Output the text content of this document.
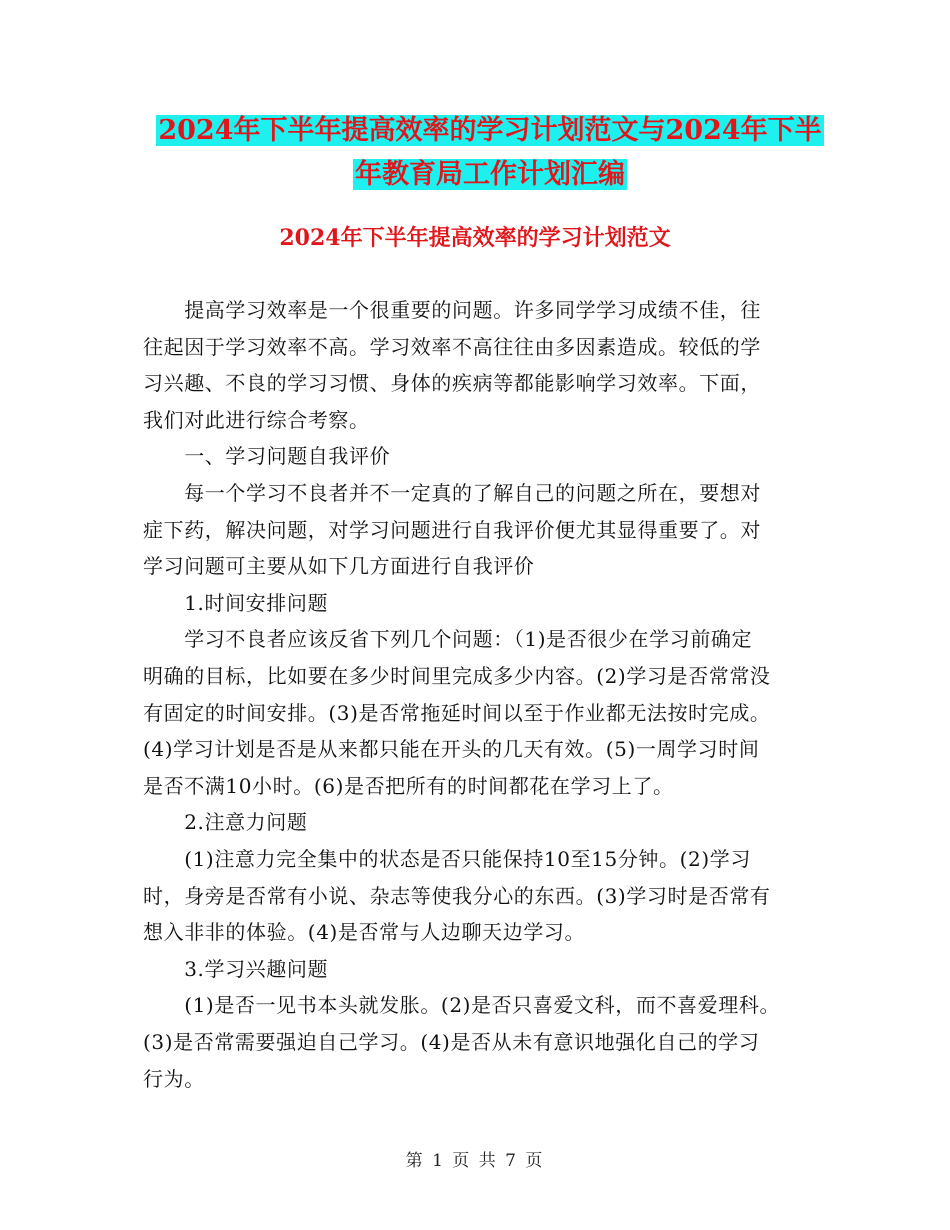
2024年下半年提高效率的学习计划范文与2024年下半
年教育局工作计划汇编
2024年下半年提高效率的学习计划范文
　　提高学习效率是一个很重要的问题。许多同学学习成绩不佳，往
往起因于学习效率不高。学习效率不高往往由多因素造成。较低的学
习兴趣、不良的学习习惯、身体的疾病等都能影响学习效率。下面，
我们对此进行综合考察。
　　一、学习问题自我评价
　　每一个学习不良者并不一定真的了解自己的问题之所在，要想对
症下药，解决问题，对学习问题进行自我评价便尤其显得重要了。对
学习问题可主要从如下几方面进行自我评价
　　1.时间安排问题
　　学习不良者应该反省下列几个问题：（1)是否很少在学习前确定
明确的目标，比如要在多少时间里完成多少内容。(2)学习是否常常没
有固定的时间安排。(3)是否常拖延时间以至于作业都无法按时完成。
(4)学习计划是否是从来都只能在开头的几天有效。(5)一周学习时间
是否不满10小时。(6)是否把所有的时间都花在学习上了。
　　2.注意力问题
　　(1)注意力完全集中的状态是否只能保持10至15分钟。(2)学习
时，身旁是否常有小说、杂志等使我分心的东西。(3)学习时是否常有
想入非非的体验。(4)是否常与人边聊天边学习。
　　3.学习兴趣问题
　　(1)是否一见书本头就发胀。(2)是否只喜爱文科，而不喜爱理科。
(3)是否常需要强迫自己学习。(4)是否从未有意识地强化自己的学习
行为。
第 1 页 共 7 页
